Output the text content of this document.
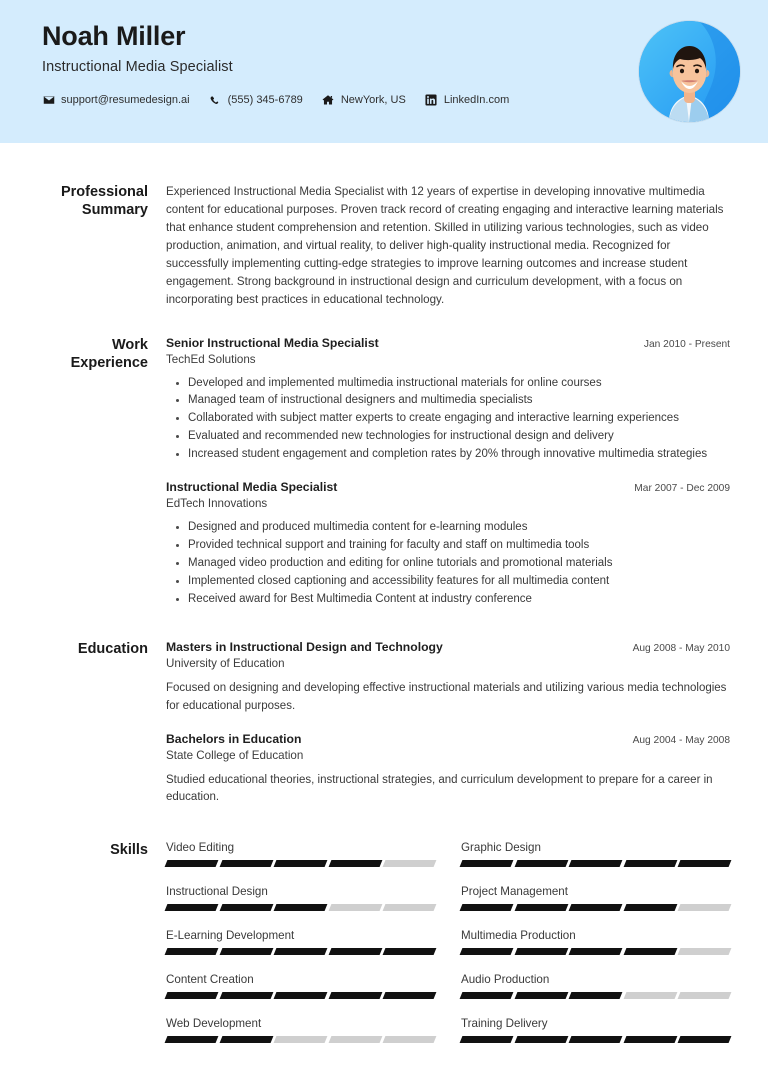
Noah Miller
Instructional Media Specialist
support@resumedesign.ai	(555) 345-6789	NewYork, US	LinkedIn.com
Professional Summary
Experienced Instructional Media Specialist with 12 years of expertise in developing innovative multimedia content for educational purposes. Proven track record of creating engaging and interactive learning materials that enhance student comprehension and retention. Skilled in utilizing various technologies, such as video production, animation, and virtual reality, to deliver high-quality instructional media. Recognized for successfully implementing cutting-edge strategies to improve learning outcomes and increase student engagement. Strong background in instructional design and curriculum development, with a focus on incorporating best practices in educational technology.
Work Experience
Senior Instructional Media Specialist	Jan 2010 - Present
TechEd Solutions
Developed and implemented multimedia instructional materials for online courses
Managed team of instructional designers and multimedia specialists
Collaborated with subject matter experts to create engaging and interactive learning experiences
Evaluated and recommended new technologies for instructional design and delivery
Increased student engagement and completion rates by 20% through innovative multimedia strategies
Instructional Media Specialist	Mar 2007 - Dec 2009
EdTech Innovations
Designed and produced multimedia content for e-learning modules
Provided technical support and training for faculty and staff on multimedia tools
Managed video production and editing for online tutorials and promotional materials
Implemented closed captioning and accessibility features for all multimedia content
Received award for Best Multimedia Content at industry conference
Education	Masters in Instructional Design and Technology	Aug 2008 - May 2010
University of Education
Focused on designing and developing effective instructional materials and utilizing various media technologies for educational purposes.
Bachelors in Education	Aug 2004 - May 2008
State College of Education
Studied educational theories, instructional strategies, and curriculum development to prepare for a career in education.
Skills	Video Editing	Graphic Design
Instructional Design	Project Management
E-Learning Development	Multimedia Production
Content Creation	Audio Production
Web Development	Training Delivery
